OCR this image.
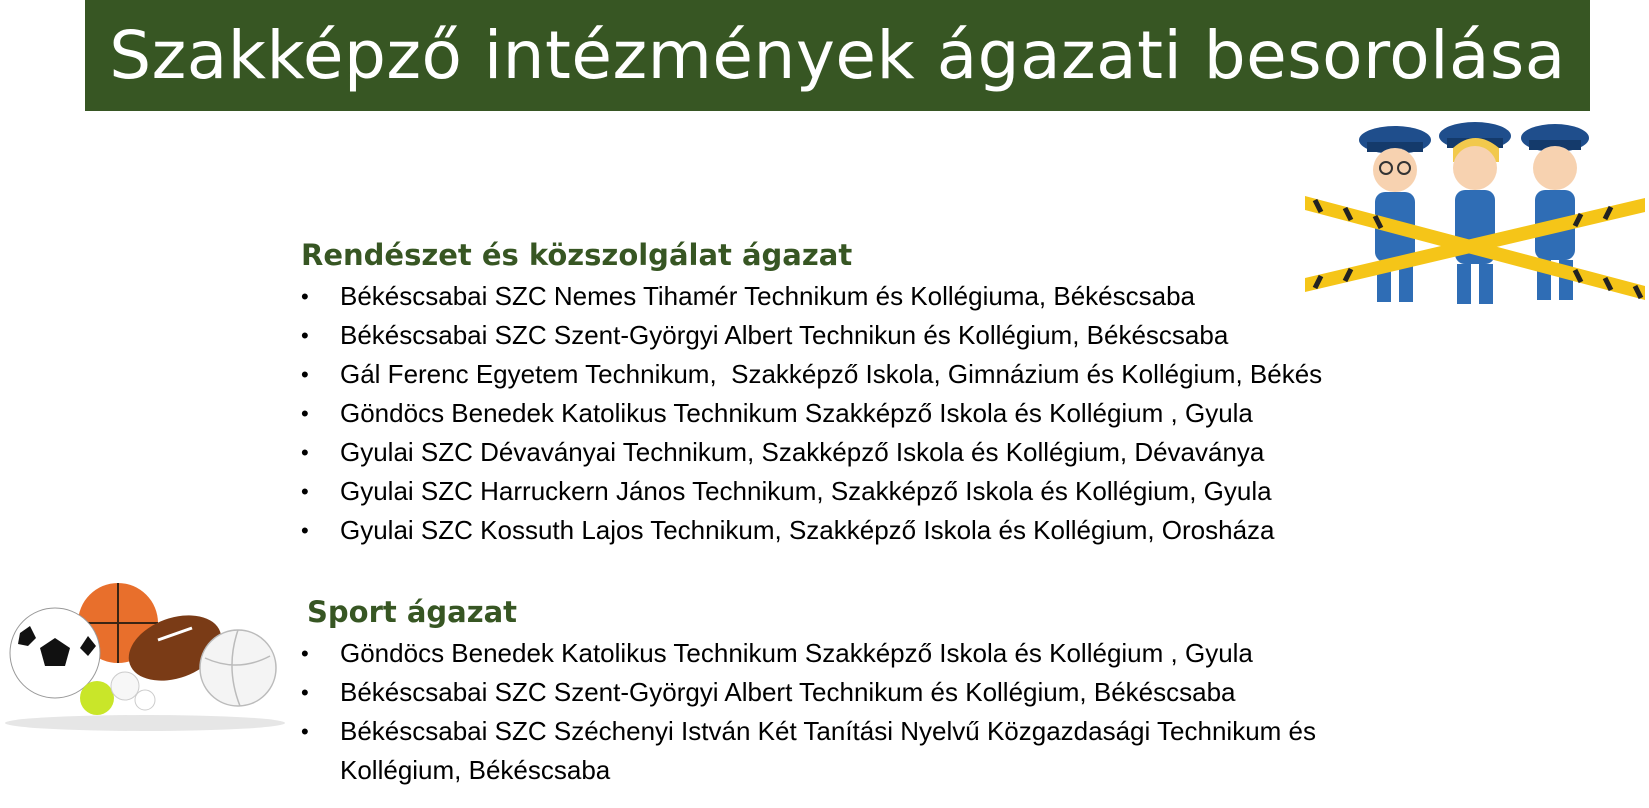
Szakképző intézmények ágazati besorolása
Rendészet és közszolgálat ágazat
• Békéscsabai SZC Nemes Tihamér Technikum és Kollégiuma, Békéscsaba
• Békéscsabai SZC Szent-Györgyi Albert Technikun és Kollégium, Békéscsaba
• Gál Ferenc Egyetem Technikum,  Szakképző Iskola, Gimnázium és Kollégium, Békés
• Göndöcs Benedek Katolikus Technikum Szakképző Iskola és Kollégium , Gyula
• Gyulai SZC Dévaványai Technikum, Szakképző Iskola és Kollégium, Dévaványa
• Gyulai SZC Harruckern János Technikum, Szakképző Iskola és Kollégium, Gyula
• Gyulai SZC Kossuth Lajos Technikum, Szakképző Iskola és Kollégium, Orosháza
Sport ágazat
• Göndöcs Benedek Katolikus Technikum Szakképző Iskola és Kollégium , Gyula
• Békéscsabai SZC Szent-Györgyi Albert Technikum és Kollégium, Békéscsaba
• Békéscsabai SZC Széchenyi István Két Tanítási Nyelvű Közgazdasági Technikum és Kollégium, Békéscsaba
